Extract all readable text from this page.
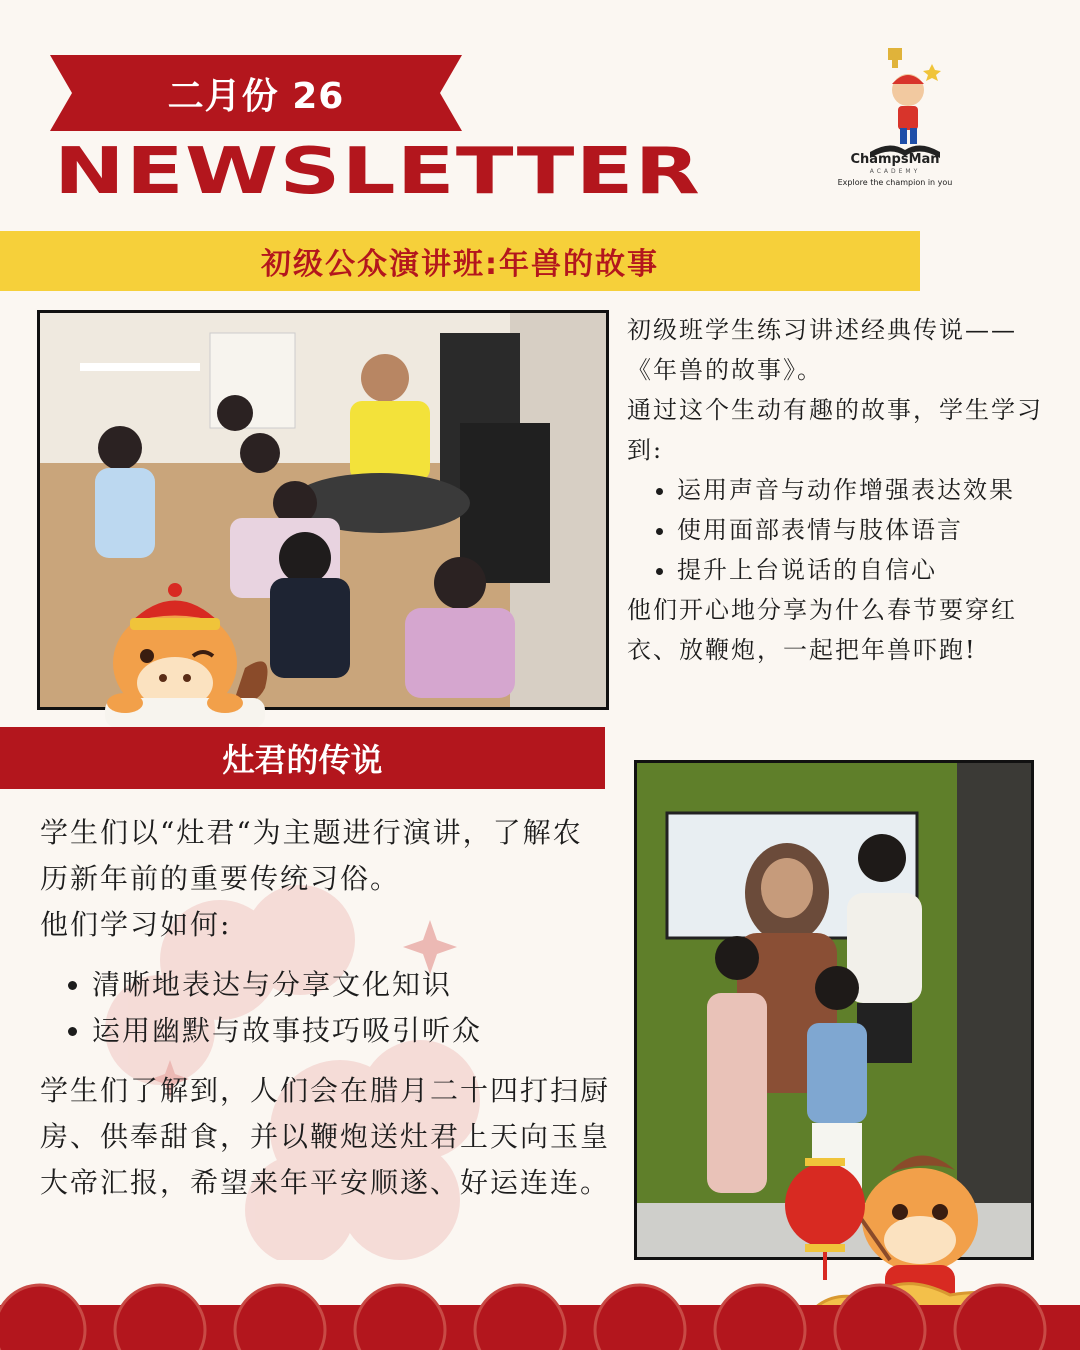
二月份 26
NEWSLETTER	ChampsMan
ACADEMY
Explore the champion in you
初级公众演讲班:年兽的故事

初级班学生练习讲述经典传说——《年兽的故事》。

通过这个生动有趣的故事，学生学习到:

• 运用声音与动作增强表达效果
• 使用面部表情与肢体语言
• 提升上台说话的自信心

他们开心地分享为什么春节要穿红衣、放鞭炮，一起把年兽吓跑!

灶君的传说

学生们以“灶君“为主题进行演讲，了解农历新年前的重要传统习俗。

他们学习如何:

• 清晰地表达与分享文化知识
• 运用幽默与故事技巧吸引听众

学生们了解到，人们会在腊月二十四打扫厨房、供奉甜食，并以鞭炮送灶君上天向玉皇大帝汇报，希望来年平安顺遂、好运连连。
